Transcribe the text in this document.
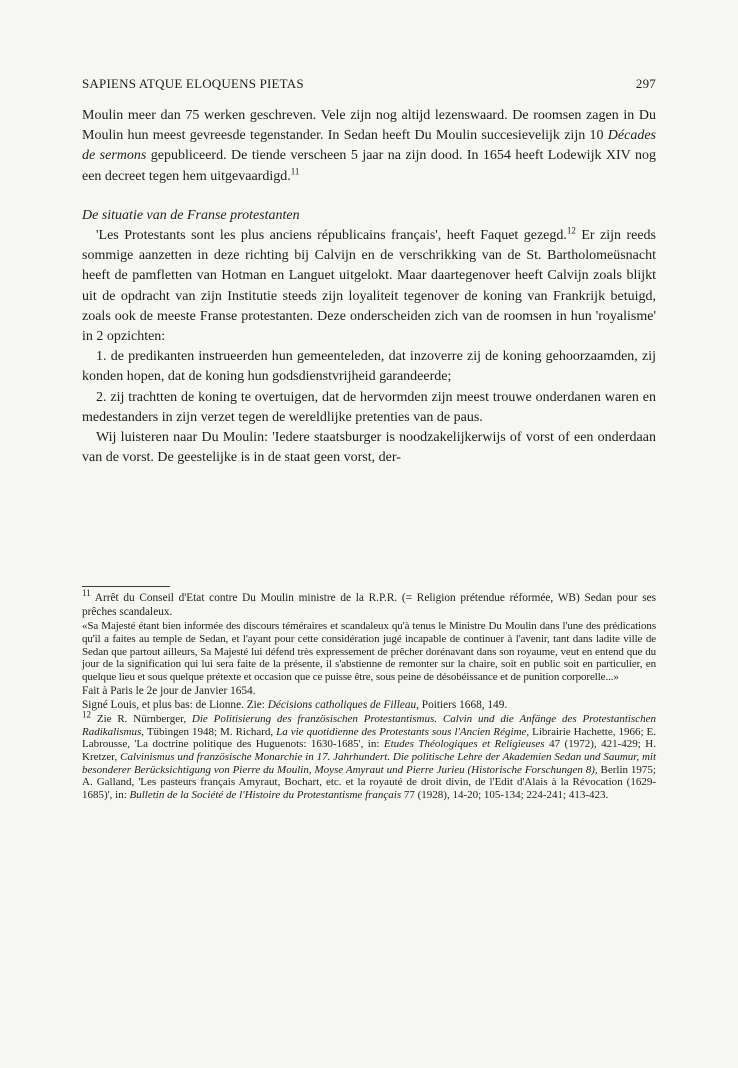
SAPIENS ATQUE ELOQUENS PIETAS	297

Moulin meer dan 75 werken geschreven. Vele zijn nog altijd lezenswaard. De roomsen zagen in Du Moulin hun meest gevreesde tegenstander. In Sedan heeft Du Moulin succesievelijk zijn 10 Décades de sermons gepubliceerd. De tiende verscheen 5 jaar na zijn dood. In 1654 heeft Lodewijk XIV nog een decreet tegen hem uitgevaardigd.$^{11}$

De situatie van de Franse protestanten

'Les Protestants sont les plus anciens républicains français', heeft Faquet gezegd.$^{12}$ Er zijn reeds sommige aanzetten in deze richting bij Calvijn en de verschrikking van de St. Bartholomeüsnacht heeft de pamfletten van Hotman en Languet uitgelokt. Maar daartegenover heeft Calvijn zoals blijkt uit de opdracht van zijn Institutie steeds zijn loyaliteit tegenover de koning van Frankrijk betuigd, zoals ook de meeste Franse protestanten. Deze onderscheiden zich van de roomsen in hun 'royalisme' in 2 opzichten:

1. de predikanten instrueerden hun gemeenteleden, dat inzoverre zij de koning gehoorzaamden, zij konden hopen, dat de koning hun godsdienstvrijheid garandeerde;

2. zij trachtten de koning te overtuigen, dat de hervormden zijn meest trouwe onderdanen waren en medestanders in zijn verzet tegen de wereldlijke pretenties van de paus.

Wij luisteren naar Du Moulin: 'Iedere staatsburger is noodzakelijkerwijs of vorst of een onderdaan van de vorst. De geestelijke is in de staat geen vorst, der-

$^{11}$ Arrêt du Conseil d'Etat contre Du Moulin ministre de la R.P.R. (= Religion prétendue réformée, WB) Sedan pour ses prêches scandaleux.

«Sa Majesté étant bien informée des discours téméraires et scandaleux qu'à tenus le Ministre Du Moulin dans l'une des prédications qu'il a faites au temple de Sedan, et l'ayant pour cette considération jugé incapable de continuer à l'avenir, tant dans ladite ville de Sedan que partout ailleurs, Sa Majesté lui défend très expressement de prêcher dorénavant dans son royaume, veut en entend que du jour de la signification qui lui sera faite de la présente, il s'abstienne de remonter sur la chaire, soit en public soit en particulier, en quelque lieu et sous quelque prétexte et occasion que ce puisse être, sous peine de désobéissance et de punition corporelle...»

Fait à Paris le 2e jour de Janvier 1654.

Signé Louis, et plus bas: de Lionne. Zie: Décisions catholiques de Filleau, Poitiers 1668, 149.

$^{12}$ Zie R. Nürnberger, Die Politisierung des französischen Protestantismus. Calvin und die Anfänge des Protestantischen Radikalismus, Tübingen 1948; M. Richard, La vie quotidienne des Protestants sous l'Ancien Régime, Librairie Hachette, 1966; E. Labrousse, 'La doctrine politique des Huguenots: 1630-1685', in: Etudes Théologiques et Religieuses 47 (1972), 421-429; H. Kretzer, Calvinismus und französische Monarchie in 17. Jahrhundert. Die politische Lehre der Akademien Sedan und Saumur, mit besonderer Berücksichtigung von Pierre du Moulin, Moyse Amyraut und Pierre Jurieu (Historische Forschungen 8), Berlin 1975; A. Galland, 'Les pasteurs français Amyraut, Bochart, etc. et la royauté de droit divin, de l'Edit d'Alais à la Révocation (1629-1685)', in: Bulletin de la Société de l'Histoire du Protestantisme français 77 (1928), 14-20; 105-134; 224-241; 413-423.
